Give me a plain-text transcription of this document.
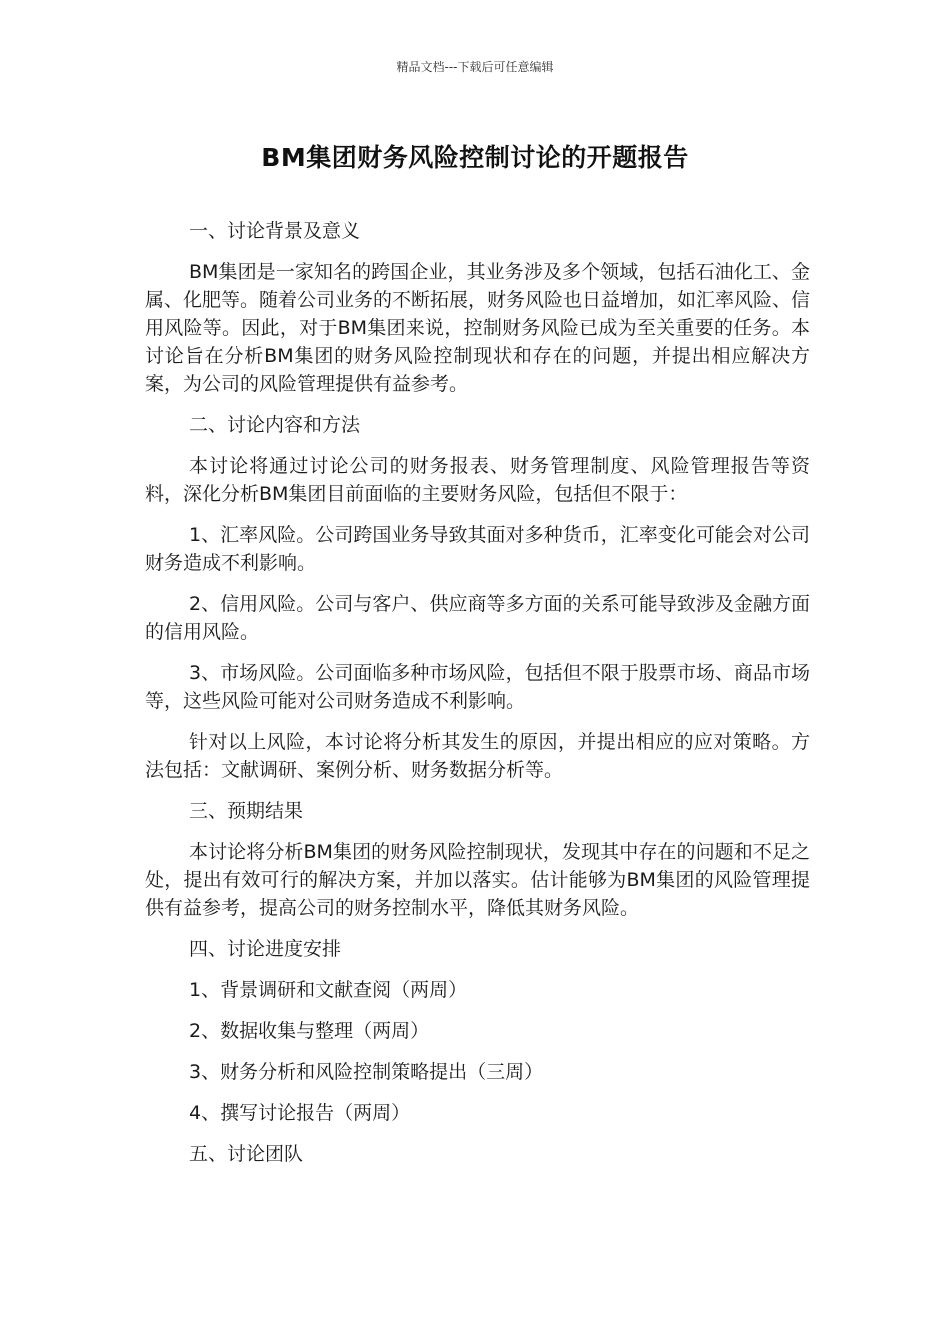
精品文档---下载后可任意编辑
BM集团财务风险控制讨论的开题报告

一、讨论背景及意义

BM集团是一家知名的跨国企业，其业务涉及多个领域，包括石油化工、金属、化肥等。随着公司业务的不断拓展，财务风险也日益增加，如汇率风险、信用风险等。因此，对于BM集团来说，控制财务风险已成为至关重要的任务。本讨论旨在分析BM集团的财务风险控制现状和存在的问题，并提出相应解决方案，为公司的风险管理提供有益参考。

二、讨论内容和方法

本讨论将通过讨论公司的财务报表、财务管理制度、风险管理报告等资料，深化分析BM集团目前面临的主要财务风险，包括但不限于：

1、汇率风险。公司跨国业务导致其面对多种货币，汇率变化可能会对公司财务造成不利影响。

2、信用风险。公司与客户、供应商等多方面的关系可能导致涉及金融方面的信用风险。

3、市场风险。公司面临多种市场风险，包括但不限于股票市场、商品市场等，这些风险可能对公司财务造成不利影响。

针对以上风险，本讨论将分析其发生的原因，并提出相应的应对策略。方法包括：文献调研、案例分析、财务数据分析等。

三、预期结果

本讨论将分析BM集团的财务风险控制现状，发现其中存在的问题和不足之处，提出有效可行的解决方案，并加以落实。估计能够为BM集团的风险管理提供有益参考，提高公司的财务控制水平，降低其财务风险。

四、讨论进度安排

1、背景调研和文献查阅（两周）

2、数据收集与整理（两周）

3、财务分析和风险控制策略提出（三周）

4、撰写讨论报告（两周）

五、讨论团队
